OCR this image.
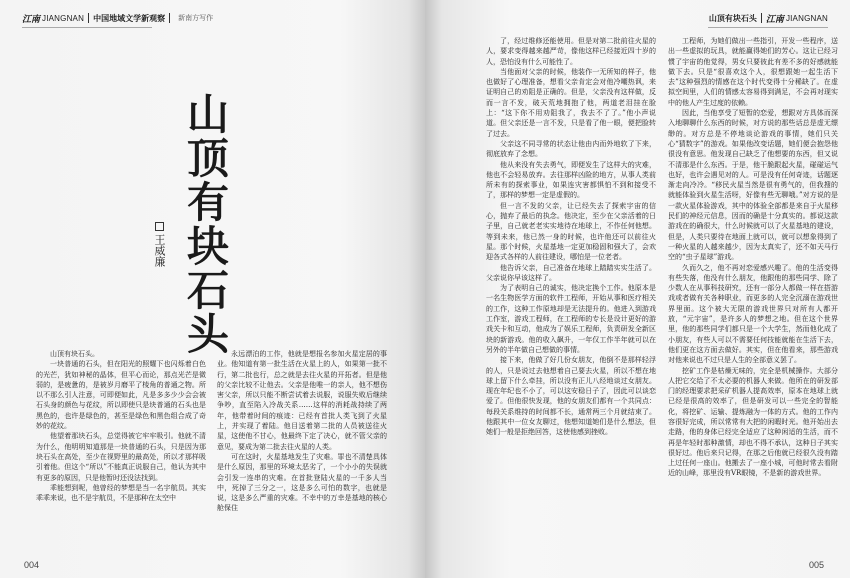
江南 JIANGNAN 中国地域文学新观察 新南方写作
山顶有块石头
王威廉

山顶有块石头。

一块普通的石头，但在阳光的照耀下也闪烁着白色的光芒，犹如神秘的晶体，但平心而论，那点光芒是微弱的，是疲惫的，是被岁月磨平了棱角的普通之物。所以不那么引人注意，可即便如此，凡是多多少少会会被石头身的颜色与花纹，所以即使只是块普通的石头也是黑色的，也许是绿色的，甚至是绿色和黑色组合成了奇妙的花纹。

他望着那块石头，总觉得被它牢牢吸引。他就不清为什么，他明明知道那是一块普通的石头，只是因为那块石头在高处，至少在视野里的最高处，所以才那样吸引着他。但这个“所以”不能真正说服自己，他认为其中有更多的原因，只是他暂时还没法找到。

乖能想到呢，他曾经的梦想是当一名宇航员。其实乖乖来说，也不是宇航员，不是那种在太空中

永远漂泊的工作，他就是想报名参加火星定居的事业。他知道有第一批生活在火星上的人，如果第一批不行，第二批也行，总之就是去往火星的开拓者。但是他的父亲比较不让他去。父亲是他唯一的亲人，他不想伤害父亲，所以只能不断尝试着去说服，说服失败后继续争吵，直至陷入冷战关系……这样的消耗战持续了两年，他带着时间的痕迹：已经有首批人类飞到了火星上，并实现了着陆。他目送着第二批的人员被送往火星，这使他不甘心，他最终下定了决心，就不管父亲的意见，要成为第二批去往火星的人类。

可在这时，火星基地发生了灾难。罪也不清楚具体是什么原因，那里的环境太恶劣了，一个小小的失误就会引发一连串的灾难。在首批登陆火星的一千多人当中，死掉了三分之一，这是多么可怕的数字，也就是说，这是多么严重的灾难。不幸中的万幸是基地的核心舱保住

004
山顶有块石头 江南 JIANGNAN

了，经过维修还能使用。但是对第二批前往火星的人，要求变得越来越严苛，像他这样已经接近四十岁的人，恐怕没有什么可能性了。

当他面对父亲的时候，他装作一无所知的样子，他也做好了心理准备，想看父亲肯定会对他冷嘲热讽，来证明自己的劝阻是正确的。但是，父亲没有这样做，反而一言不发，破天荒地拥抱了他，两道老泪挂在脸上：“这下你不用劝阻我了，我去不了了。”他小声说道。但父亲还是一言不发，只是看了他一眼，便把脸转了过去。

父亲这不同寻常的状态让他由内而外地软了下来，彻底放弃了念想。

他从来没有失去勇气，即便发生了这样大的灾难，他也不会轻易放弃。去往那样凶险的地方，从事人类前所未有的探索事业，如果连灾害都惧怕不到和接受不了，那样的梦想一定是虚假的。

但一言不发的父亲，让已经失去了探索宇宙的信心，抛弃了最后的执念。他决定，至少在父亲活着的日子里，自己就老老实实地待在地球上，不作任何他想。等到未来，他已然一身的时候，也许他还可以前往火星。那个时候，火星基地一定更加稳固和强大了，会欢迎各式各样的人前往建设，哪怕是一位老者。

他告诉父亲，自己准备在地球上踏踏实实生活了。父亲说你早该这样了。

为了表明自己的诚实，他决定换个工作。他原本是一名生物医学方面的软件工程师，开始从事和医疗相关的工作，这种工作原地却是无法提升的。他进入到游戏工作室，游戏工程师，在工程师的专长是设计更好的游戏关卡和互动，他成为了娱乐工程师，负责研发全新区块的新游戏。他的收入飙升，一年仅工作半年就可以在另外的半年做自己想做的事情。

接下来，他做了好几份女朋友，他倒不是那样轻浮的人，只是说过去他想着自己要去火星，所以不想在地球上留下什么牵挂，所以没有正儿八经地谈过女朋友。现在年纪也不小了，可以这安稳日子了，因此可以谈恋爱了。但他很快发现，他的女朋友们都有一个共同点：每段关系维持的时间都不长，通常两三个月就结束了。他跟其中一位女友聊过，他想知道她们是什么想法，但她们一般是拒绝回答，这使他感到挫败。

工程师，为她们做出一些指引，开发一些程序，送出一些虚拟的玩具，就能赢得她们的芳心。这让已经习惯了宇宙的他觉得，男女只要彼此有差不多的好感就能做下去。只是“很喜欢这个人，很想跟她一起生活下去”这种强烈的情感在这个时代变得十分稀缺了。在虚拟空间里，人们的情感太容易得到满足，不会再对现实中的他人产生过度的依赖。

因此，当他享受了短暂的恋爱，想跟对方具体而深入地聊聊什么东西的时候，对方说的那些话总是虚无缥缈的。对方总是不停地谈论游戏的事情，她们只关心“猜数字”的游戏。如果他改变话题，她们便会抱怨他很没有意思。他发现自己缺乏了他想要的东西，但又说不清那是什么东西。于是，他干脆跟起火星，碰碰运气也好，也许会遇见对的人。可是没有任何奇迹，话题逐渐走向冷冷。“移民火星当然是很有勇气的，但我搜的就能体验到火星生活呀，好像有些无聊哦。”对方说的是一款火星体验游戏，其中的体验全部都是来自于火星移民们的神经元信息，因而的确是十分真实的。都说这款游戏在的确很大，什么时候就可以了火星基地的建设，但是，人类只要待在地面上就可以，就可以想象得到了一种火星的人越来越少，因为太真实了，还不如天马行空的“虫子星球”游戏。

久而久之，他不再对恋爱感兴趣了。他的生活变得有些失落，他没有什么朋友，他跟他的那些同学、除了少数人在从事科技研究，还有一部分人都做一样在搭游戏或者做有关各种职业，而更多的人完全沉溺在游戏世界里面。这个被大无限的游戏世界只对所有人都开放，“元宇宙”，是许多人的梦想之地。但在这个世界里，他的那些同学们都只是一个大学生，然而他化成了小朋友，有些人可以不需要任何技能就能在生活下去，他们更在这方面去做好。其实，但在他看来，那些游戏对他来说也不过只是人生的全部意义罢了。

挖矿工作是枯燥无味的，完全是机械操作。大部分人把它交给了不太必要的机器人来做。他所在的研发部门的经理要求把采矿机器人提高效率，原本在地球上就已经是很高的效率了，但是研发可以一些完全的智能化，将挖矿、运输、提炼融为一体的方式。他的工作内容很好完成，所以常常有大把的闲暇时光。他开始出去走路，他的身体已经完全适应了这种闲适的生活，而不再是年轻时那种激情，却也不得不承认，这种日子其实很好过。他后来只记得，在那之后他就已经很久没有踏上过任何一座山。他搬去了一座小城，可他时常去看附近的山峰，那里没有VR眼镜，不是新的游戏世界。

005
